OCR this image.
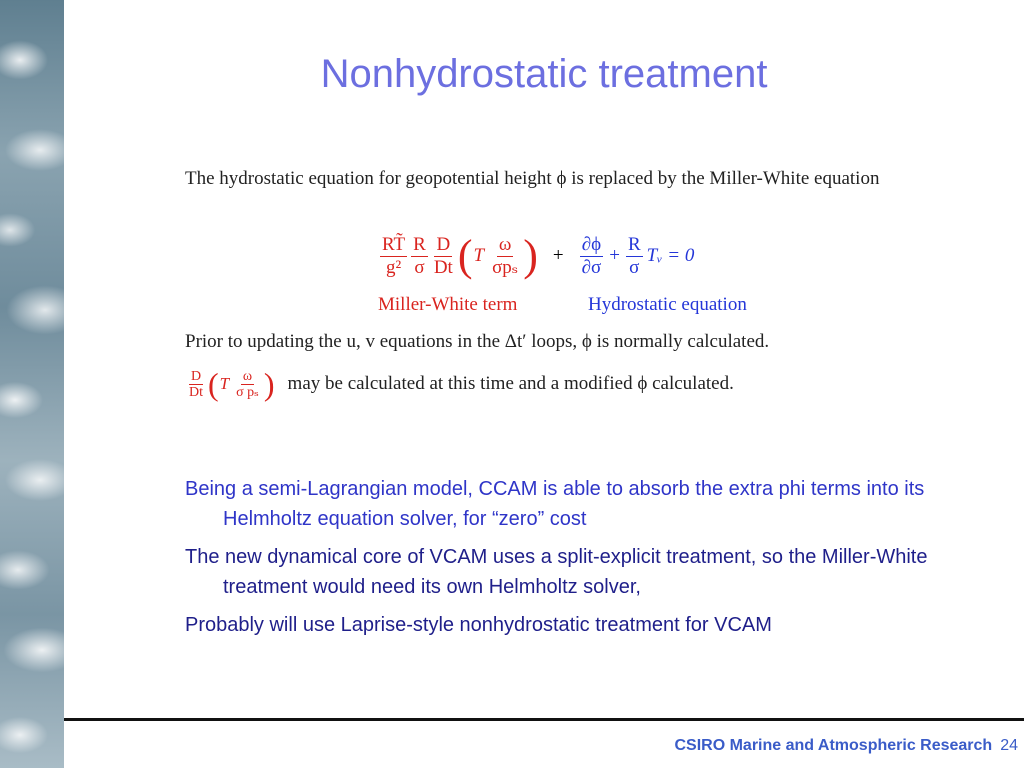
Nonhydrostatic treatment
The hydrostatic equation for geopotential height ϕ is replaced by the Miller-White equation
$\frac{RT̃}{\text{g²}} \frac{R}{\sigma} \frac{D}{Dt}$ ( T $\frac{\omega}{\text{σpₛ}}$ ) + $\frac{\partial\phi}{\partial\sigma} + \frac{R}{\sigma}$ Tᵥ = 0
Miller-White term	Hydrostatic equation
Prior to updating the u, v equations in the Δt′ loops, ϕ is normally calculated.
$\frac{D}{Dt}$ ( T $\frac{\omega}{\text{σ pₛ}}$ ) may be calculated at this time and a modified ϕ calculated.
Being a semi-Lagrangian model, CCAM is able to absorb the extra phi terms into its Helmholtz equation solver, for “zero” cost
The new dynamical core of VCAM uses a split-explicit treatment, so the Miller-White treatment would need its own Helmholtz solver,
Probably will use Laprise-style nonhydrostatic treatment for VCAM
CSIRO Marine and Atmospheric Research 24
